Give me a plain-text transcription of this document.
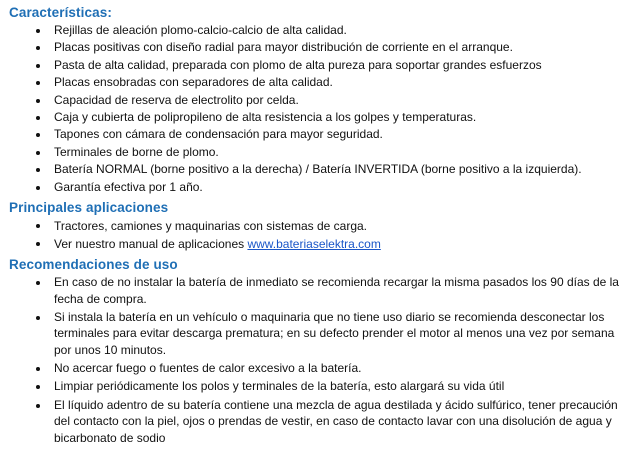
Características:
Rejillas de aleación plomo-calcio-calcio de alta calidad.
Placas positivas con diseño radial para mayor distribución de corriente en el arranque.
Pasta de alta calidad, preparada con plomo de alta pureza para soportar grandes esfuerzos
Placas ensobradas con separadores de alta calidad.
Capacidad de reserva de electrolito por celda.
Caja y cubierta de polipropileno de alta resistencia a los golpes y temperaturas.
Tapones con cámara de condensación para mayor seguridad.
Terminales de borne de plomo.
Batería NORMAL (borne positivo a la derecha) / Batería INVERTIDA (borne positivo a la izquierda).
Garantía efectiva por 1 año.
Principales aplicaciones
Tractores, camiones y maquinarias con sistemas de carga.
Ver nuestro manual de aplicaciones www.bateriaselektra.com
Recomendaciones de uso
En caso de no instalar la batería de inmediato se recomienda recargar la misma pasados los 90 días de la fecha de compra.
Si instala la batería en un vehículo o maquinaria que no tiene uso diario se recomienda desconectar los terminales para evitar descarga prematura; en su defecto prender el motor al menos una vez por semana por unos 10 minutos.
No acercar fuego o fuentes de calor excesivo a la batería.
Limpiar periódicamente los polos y terminales de la batería, esto alargará su vida útil
El líquido adentro de su batería contiene una mezcla de agua destilada y ácido sulfúrico, tener precaución del contacto con la piel, ojos o prendas de vestir, en caso de contacto lavar con una disolución de agua y bicarbonato de sodio
